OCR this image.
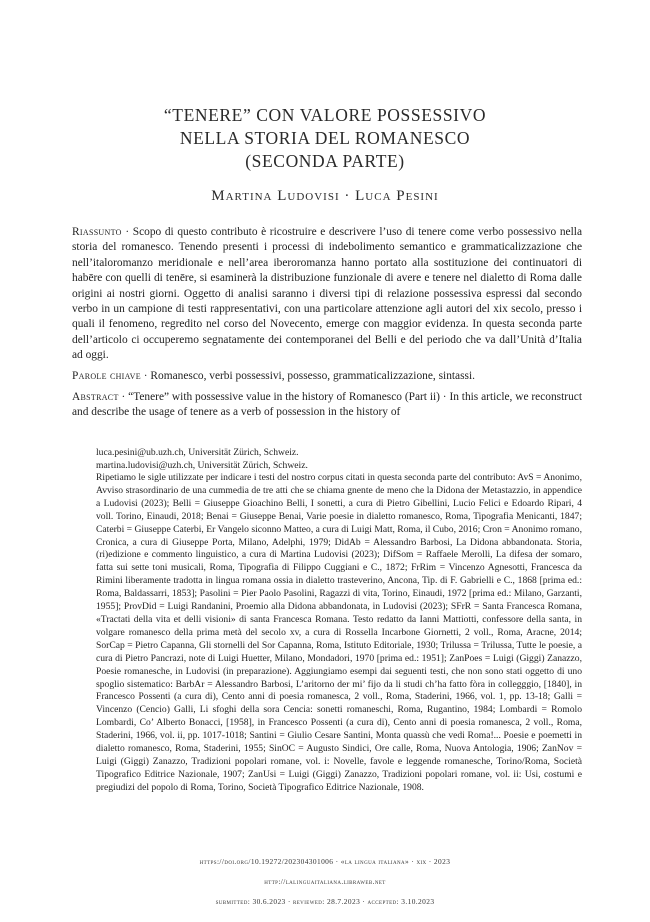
“TENERE” CON VALORE POSSESSIVO
NELLA STORIA DEL ROMANESCO
(SECONDA PARTE)
Martina Ludovisi · Luca Pesini
Riassunto · Scopo di questo contributo è ricostruire e descrivere l’uso di tenere come verbo possessivo nella storia del romanesco. Tenendo presenti i processi di indebolimento semantico e grammaticalizzazione che nell’italoromanzo meridionale e nell’area iberoromanza hanno portato alla sostituzione dei continuatori di habēre con quelli di tenēre, si esaminerà la distribuzione funzionale di avere e tenere nel dialetto di Roma dalle origini ai nostri giorni. Oggetto di analisi saranno i diversi tipi di relazione possessiva espressi dal secondo verbo in un campione di testi rappresentativi, con una particolare attenzione agli autori del xix secolo, presso i quali il fenomeno, regredito nel corso del Novecento, emerge con maggior evidenza. In questa seconda parte dell’articolo ci occuperemo segnatamente dei contemporanei del Belli e del periodo che va dall’Unità d’Italia ad oggi.
Parole chiave · Romanesco, verbi possessivi, possesso, grammaticalizzazione, sintassi.
Abstract · “Tenere” with possessive value in the history of Romanesco (Part ii) · In this article, we reconstruct and describe the usage of tenere as a verb of possession in the history of
luca.pesini@ub.uzh.ch, Universität Zürich, Schweiz.
martina.ludovisi@uzh.ch, Universität Zürich, Schweiz.

Ripetiamo le sigle utilizzate per indicare i testi del nostro corpus citati in questa seconda parte del contributo: AvS = Anonimo, Avviso strasordinario de una cummedia de tre atti che se chiama gnente de meno che la Didona der Metastazzio, in appendice a Ludovisi (2023); Belli = Giuseppe Gioachino Belli, I sonetti, a cura di Pietro Gibellini, Lucio Felici e Edoardo Ripari, 4 voll. Torino, Einaudi, 2018; Benai = Giuseppe Benai, Varie poesie in dialetto romanesco, Roma, Tipografia Menicanti, 1847; Caterbi = Giuseppe Caterbi, Er Vangelo siconno Matteo, a cura di Luigi Matt, Roma, il Cubo, 2016; Cron = Anonimo romano, Cronica, a cura di Giuseppe Porta, Milano, Adelphi, 1979; DidAb = Alessandro Barbosi, La Didona abbandonata. Storia, (ri)edizione e commento linguistico, a cura di Martina Ludovisi (2023); DifSom = Raffaele Merolli, La difesa der somaro, fatta sui sette toni musicali, Roma, Tipografia di Filippo Cuggiani e C., 1872; FrRim = Vincenzo Agnesotti, Francesca da Rimini liberamente tradotta in lingua romana ossia in dialetto trasteverino, Ancona, Tip. di F. Gabrielli e C., 1868 [prima ed.: Roma, Baldassarri, 1853]; Pasolini = Pier Paolo Pasolini, Ragazzi di vita, Torino, Einaudi, 1972 [prima ed.: Milano, Garzanti, 1955]; ProvDid = Luigi Randanini, Proemio alla Didona abbandonata, in Ludovisi (2023); SFrR = Santa Francesca Romana, «Tractati della vita et delli visioni» di santa Francesca Romana. Testo redatto da Ianni Mattiotti, confessore della santa, in volgare romanesco della prima metà del secolo xv, a cura di Rossella Incarbone Giornetti, 2 voll., Roma, Aracne, 2014; SorCap = Pietro Capanna, Gli stornelli del Sor Capanna, Roma, Istituto Editoriale, 1930; Trilussa = Trilussa, Tutte le poesie, a cura di Pietro Pancrazi, note di Luigi Huetter, Milano, Mondadori, 1970 [prima ed.: 1951]; ZanPoes = Luigi (Giggi) Zanazzo, Poesie romanesche, in Ludovisi (in preparazione). Aggiungiamo esempi dai seguenti testi, che non sono stati oggetto di uno spoglio sistematico: BarbAr = Alessandro Barbosi, L’aritorno der mi’ fijo da li studi ch’ha fatto fòra in collegggio, [1840], in Francesco Possenti (a cura di), Cento anni di poesia romanesca, 2 voll., Roma, Staderini, 1966, vol. 1, pp. 13-18; Galli = Vincenzo (Cencio) Galli, Li sfoghi della sora Cencia: sonetti romaneschi, Roma, Rugantino, 1984; Lombardi = Romolo Lombardi, Co’ Alberto Bonacci, [1958], in Francesco Possenti (a cura di), Cento anni di poesia romanesca, 2 voll., Roma, Staderini, 1966, vol. ii, pp. 1017-1018; Santini = Giulio Cesare Santini, Monta quassù che vedi Roma!... Poesie e poemetti in dialetto romanesco, Roma, Staderini, 1955; SinOC = Augusto Sindici, Ore calle, Roma, Nuova Antologia, 1906; ZanNov = Luigi (Giggi) Zanazzo, Tradizioni popolari romane, vol. i: Novelle, favole e leggende romanesche, Torino/Roma, Società Tipografico Editrice Nazionale, 1907; ZanUsi = Luigi (Giggi) Zanazzo, Tradizioni popolari romane, vol. ii: Usi, costumi e pregiudizi del popolo di Roma, Torino, Società Tipografico Editrice Nazionale, 1908.

https://doi.org/10.19272/202304301006 · «la lingua italiana» · xix · 2023
http://lalinguaitaliana.libraweb.net
submitted: 30.6.2023 · reviewed: 28.7.2023 · accepted: 3.10.2023
